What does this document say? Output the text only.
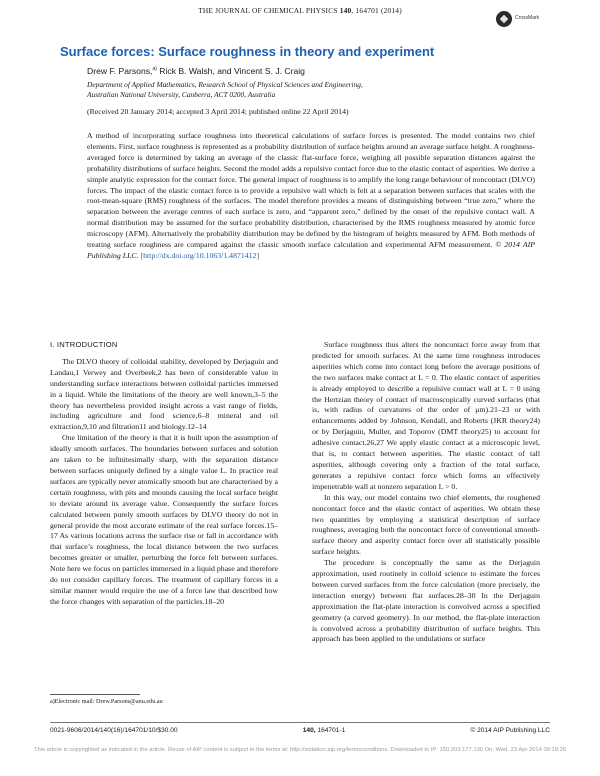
THE JOURNAL OF CHEMICAL PHYSICS 140, 164701 (2014)
CrossMark
Surface forces: Surface roughness in theory and experiment
Drew F. Parsons,$^{a)}$ Rick B. Walsh, and Vincent S. J. Craig
Department of Applied Mathematics, Research School of Physical Sciences and Engineering,
Australian National University, Canberra, ACT 0200, Australia
(Received 20 January 2014; accepted 3 April 2014; published online 22 April 2014)

A method of incorporating surface roughness into theoretical calculations of surface forces is presented. The model contains two chief elements. First, surface roughness is represented as a probability distribution of surface heights around an average surface height. A roughness-averaged force is determined by taking an average of the classic flat-surface force, weighing all possible separation distances against the probability distributions of surface heights. Second the model adds a repulsive contact force due to the elastic contact of asperities. We derive a simple analytic expression for the contact force. The general impact of roughness is to amplify the long range behaviour of noncontact (DLVO) forces. The impact of the elastic contact force is to provide a repulsive wall which is felt at a separation between surfaces that scales with the root-mean-square (RMS) roughness of the surfaces. The model therefore provides a means of distinguishing between “true zero,” where the separation between the average centres of each surface is zero, and “apparent zero,” defined by the onset of the repulsive contact wall. A normal distribution may be assumed for the surface probability distribution, characterised by the RMS roughness measured by atomic force microscopy (AFM). Alternatively the probability distribution may be defined by the histogram of heights measured by AFM. Both methods of treating surface roughness are compared against the classic smooth surface calculation and experimental AFM measurement. © 2014 AIP Publishing LLC. [http://dx.doi.org/10.1063/1.4871412]

I. INTRODUCTION

The DLVO theory of colloidal stability, developed by Derjaguin and Landau,1 Verwey and Overbeek,2 has been of considerable value in understanding surface interactions between colloidal particles immersed in a liquid. While the limitations of the theory are well known,3–5 the theory has nevertheless provided insight across a vast range of fields, including agriculture and food science,6–8 mineral and oil extraction,9,10 and filtration11 and biology.12–14

One limitation of the theory is that it is built upon the assumption of ideally smooth surfaces. The boundaries between surfaces and solution are taken to be infinitesimally sharp, with the separation distance between surfaces uniquely defined by a single value L. In practice real surfaces are typically never atomically smooth but are characterised by a certain roughness, with pits and mounds causing the local surface height to deviate around its average value. Consequently the surface forces calculated between purely smooth surfaces by DLVO theory do not in general provide the most accurate estimate of the real surface forces.15–17 As various locations across the surface rise or fall in accordance with that surface’s roughness, the local distance between the two surfaces becomes greater or smaller, perturbing the force felt between surfaces. Note here we focus on particles immersed in a liquid phase and therefore do not consider capillary forces. The treatment of capillary forces in a similar manner would require the use of a force law that described how the force changes with separation of the particles.18–20

Surface roughness thus alters the noncontact force away from that predicted for smooth surfaces. At the same time roughness introduces asperities which come into contact long before the average positions of the two surfaces make contact at L = 0. The elastic contact of asperities is already employed to describe a repulsive contact wall at L = 0 using the Hertzian theory of contact of macroscopically curved surfaces (that is, with radius of curvatures of the order of μm).21–23 or with enhancements added by Johnson, Kendall, and Roberts (JKR theory24) or by Derjaguin, Muller, and Toporov (DMT theory25) to account for adhesive contact.26,27 We apply elastic contact at a microscopic level, that is, to contact between asperities. The elastic contact of tall asperities, although covering only a fraction of the total surface, generates a repulsive contact force which forms an effectively impenetrable wall at nonzero separation L > 0.

In this way, our model contains two chief elements, the roughened noncontact force and the elastic contact of asperities. We obtain these two quantities by employing a statistical description of surface roughness, averaging both the noncontact force of conventional smooth-surface theory and asperity contact force over all statistically possible surface heights.

The procedure is conceptually the same as the Derjaguin approximation, used routinely in colloid science to estimate the forces between curved surfaces from the force calculation (more precisely, the interaction energy) between flat surfaces.28–30 In the Derjaguin approximation the flat-plate interaction is convolved across a specified geometry (a curved geometry). In our method, the flat-plate interaction is convolved across a probability distribution of surface heights. This approach has been applied to the undulations or surface

a)Electronic mail: Drew.Parsons@anu.edu.au
0021-9606/2014/140(16)/164701/10/$30.00	140, 164701-1	© 2014 AIP Publishing LLC
This article is copyrighted as indicated in the article. Reuse of AIP content is subject to the terms at: http://scitation.aip.org/termsconditions. Downloaded to IP: 150.203.177.130 On: Wed, 23 Apr 2014 00:19:26
